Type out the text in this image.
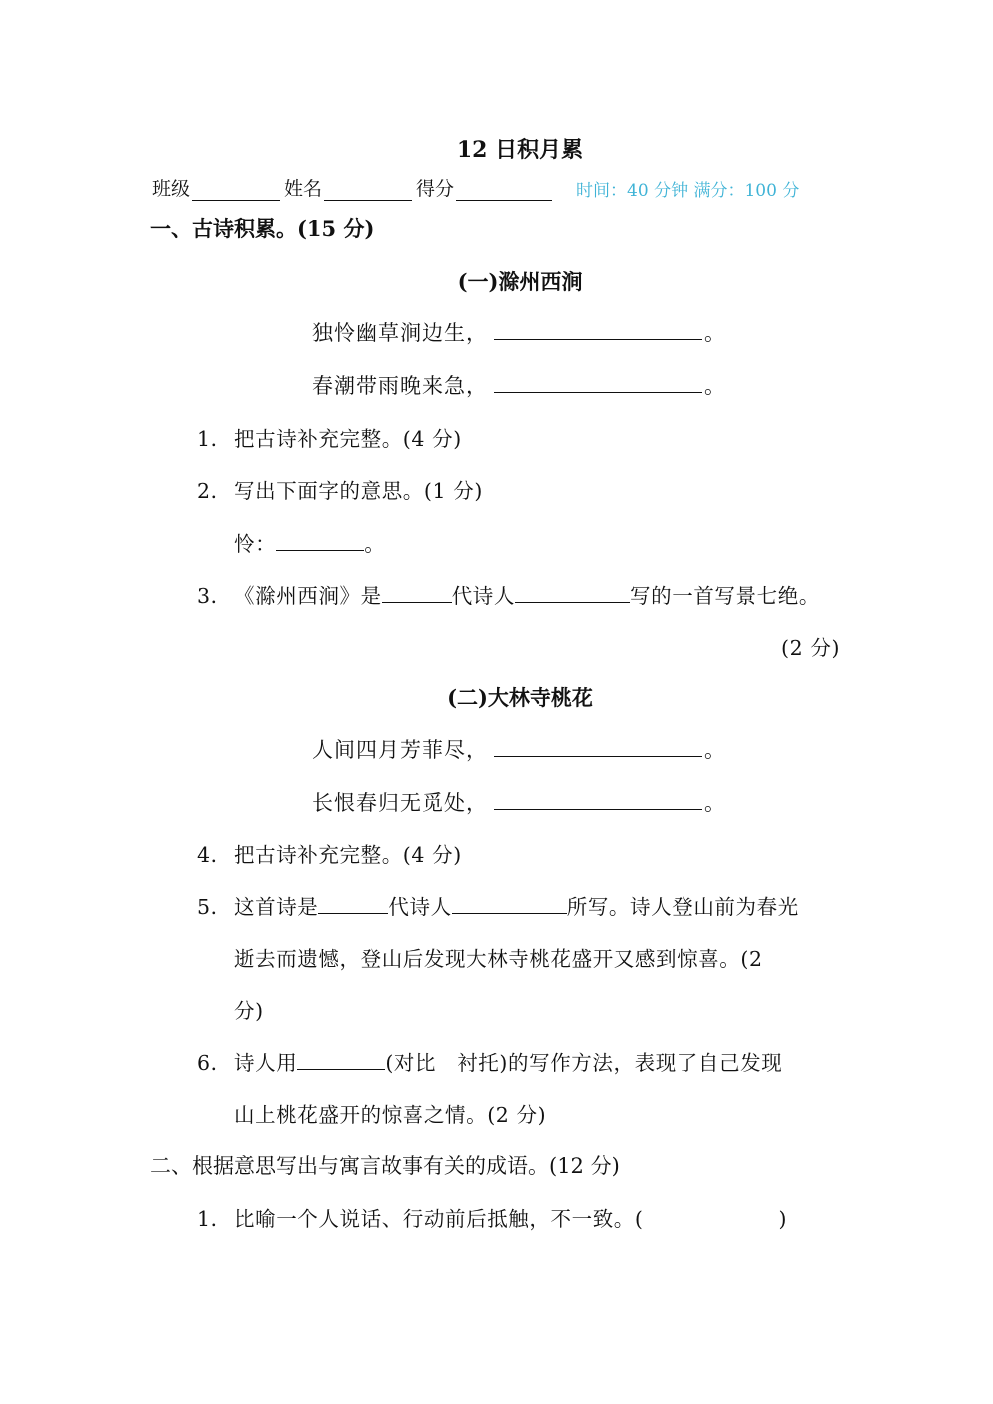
12 日积月累
班级	姓名	得分	时间：40 分钟 满分：100 分
一、古诗积累。(15 分)
(一)滁州西涧
独怜幽草涧边生，	。
春潮带雨晚来急，	。
1． 把古诗补充完整。(4 分)
2． 写出下面字的意思。(1 分)
怜：	。
3． 《滁州西涧》是	代诗人	写的一首写景七绝。
(2 分)
(二)大林寺桃花
人间四月芳菲尽，	。
长恨春归无觅处，	。
4． 把古诗补充完整。(4 分)
5． 这首诗是	代诗人	所写。诗人登山前为春光
逝去而遗憾，登山后发现大林寺桃花盛开又感到惊喜。(2
分)
6． 诗人用	(对比　衬托)的写作方法，表现了自己发现
山上桃花盛开的惊喜之情。(2 分)
二、根据意思写出与寓言故事有关的成语。(12 分)
1． 比喻一个人说话、行动前后抵触，不一致。(	)
